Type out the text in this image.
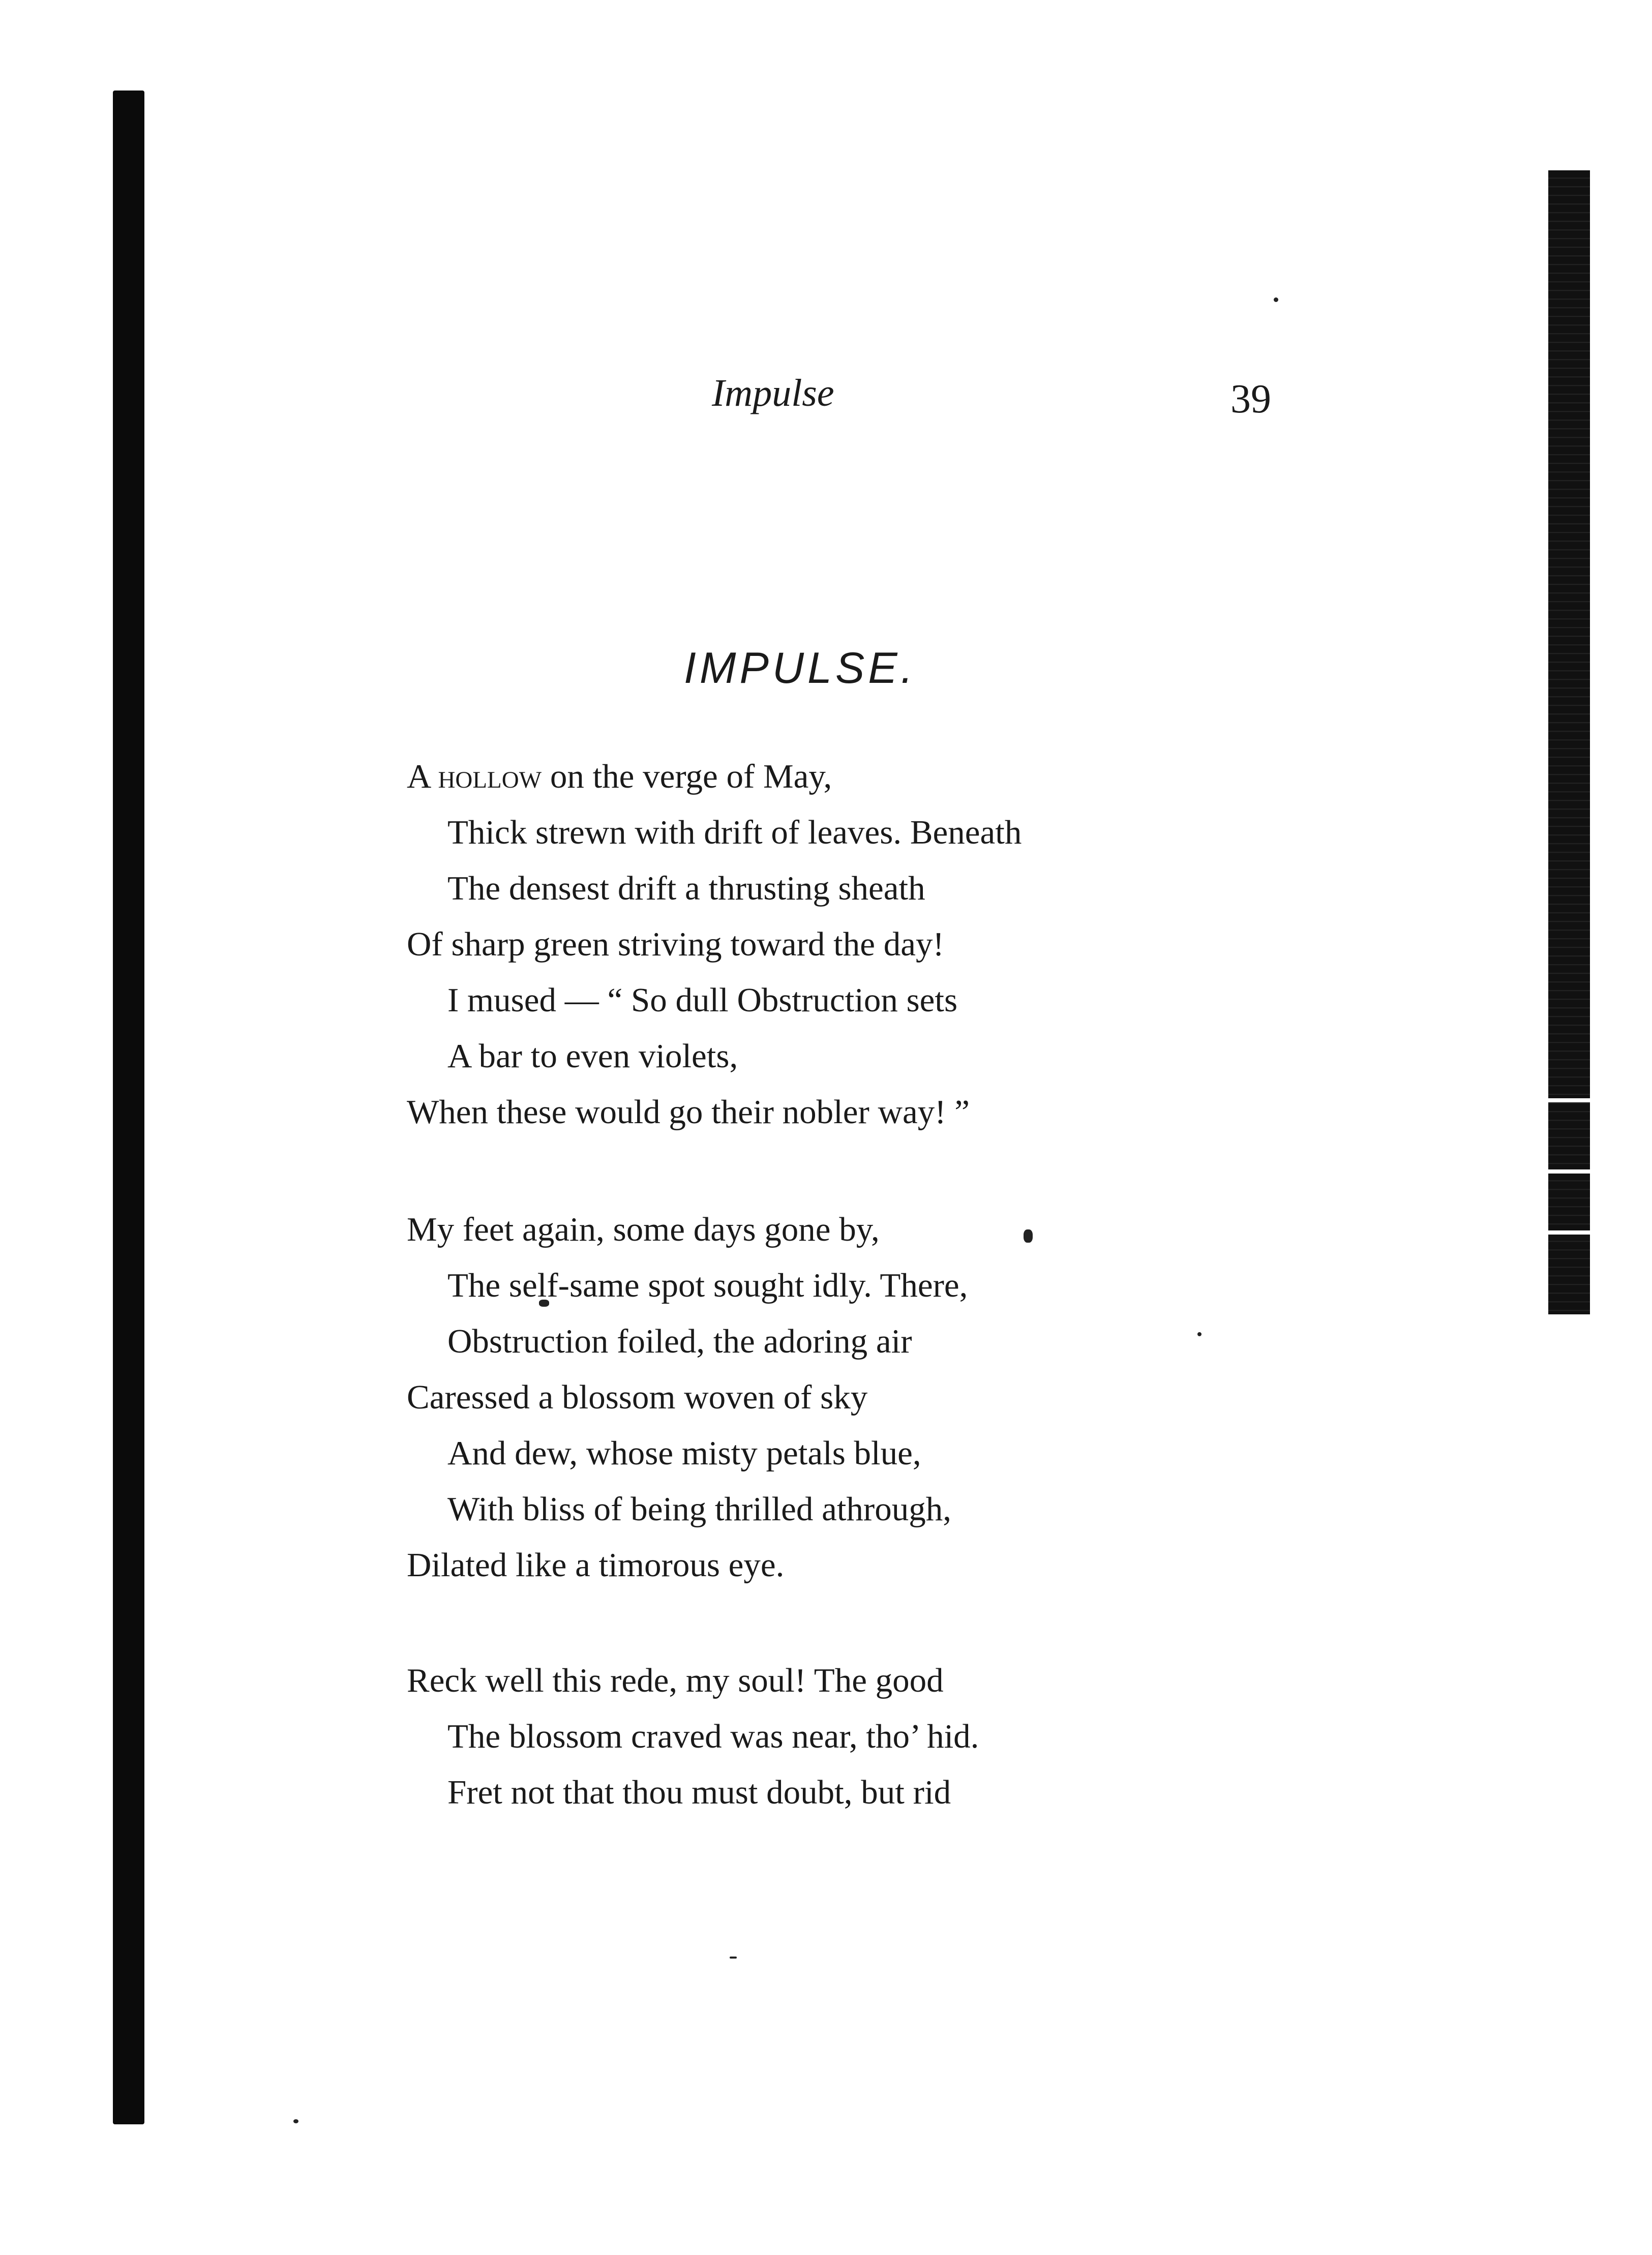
Impulse	39
IMPULSE.
A hollow on the verge of May,
Thick strewn with drift of leaves. Beneath
The densest drift a thrusting sheath
Of sharp green striving toward the day!
I mused — “ So dull Obstruction sets
A bar to even violets,
When these would go their nobler way! ”
My feet again, some days gone by,
The self-same spot sought idly. There,
Obstruction foiled, the adoring air
Caressed a blossom woven of sky
And dew, whose misty petals blue,
With bliss of being thrilled athrough,
Dilated like a timorous eye.
Reck well this rede, my soul! The good
The blossom craved was near, tho’ hid.
Fret not that thou must doubt, but rid
